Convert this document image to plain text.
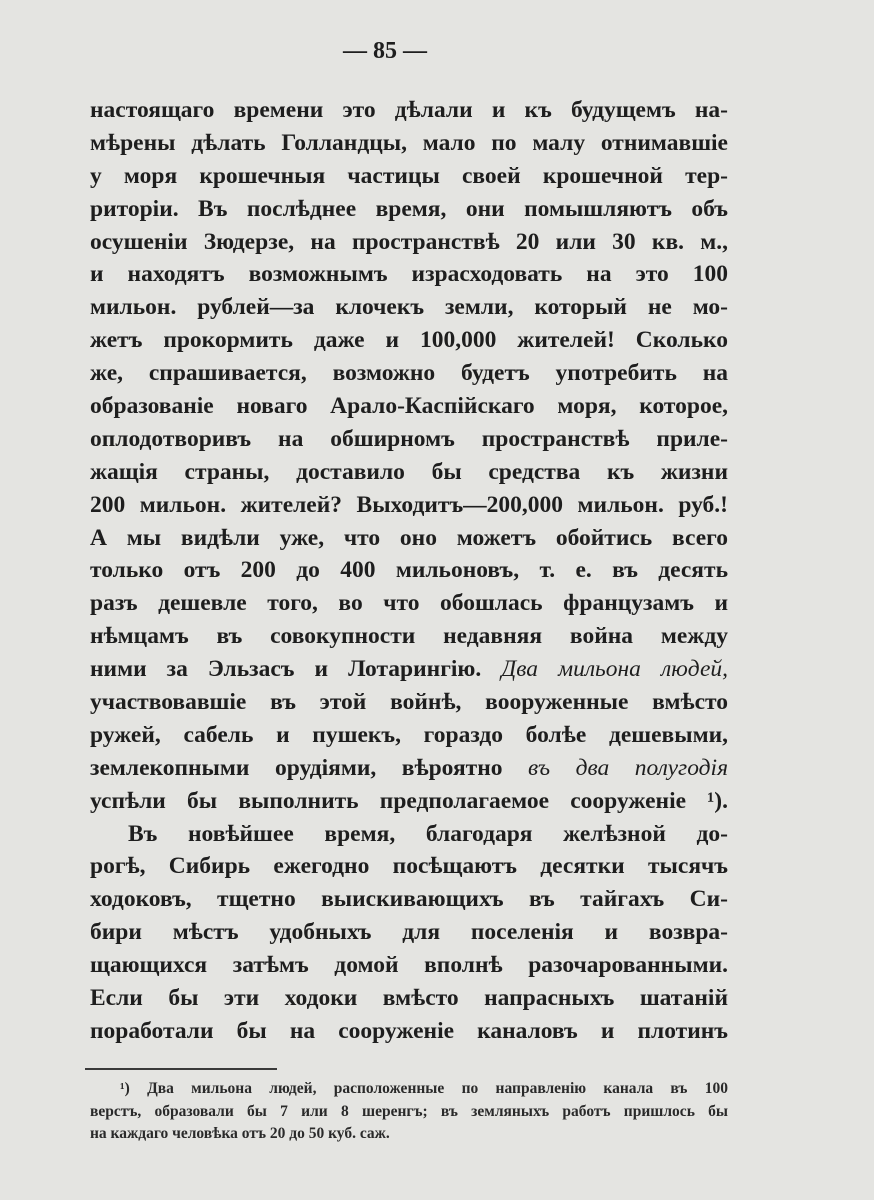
— 85 —
настоящаго времени это дѣлали и къ будущемъ на-
мѣрены дѣлать Голландцы, мало по малу отнимавшіе
у моря крошечныя частицы своей крошечной тер-
риторіи. Въ послѣднее время, они помышляютъ объ
осушеніи Зюдерзе, на пространствѣ 20 или 30 кв. м.,
и находятъ возможнымъ израсходовать на это 100
мильон. рублей—за клочекъ земли, который не мо-
жетъ прокормить даже и 100,000 жителей! Сколько
же, спрашивается, возможно будетъ употребить на
образованіе новаго Арало-Каспійскаго моря, которое,
оплодотворивъ на обширномъ пространствѣ приле-
жащія страны, доставило бы средства къ жизни
200 мильон. жителей? Выходитъ—200,000 мильон. руб.!
А мы видѣли уже, что оно можетъ обойтись всего
только отъ 200 до 400 мильоновъ, т. е. въ десять
разъ дешевле того, во что обошлась французамъ и
нѣмцамъ въ совокупности недавняя война между
ними за Эльзасъ и Лотарингію. Два мильона людей,
участвовавшіе въ этой войнѣ, вооруженные вмѣсто
ружей, сабель и пушекъ, гораздо болѣе дешевыми,
землекопными орудіями, вѣроятно въ два полугодія
успѣли бы выполнить предполагаемое сооруженіе ¹).
Въ новѣйшее время, благодаря желѣзной до-
рогѣ, Сибирь ежегодно посѣщаютъ десятки тысячъ
ходоковъ, тщетно выискивающихъ въ тайгахъ Си-
бири мѣстъ удобныхъ для поселенія и возвра-
щающихся затѣмъ домой вполнѣ разочарованными.
Если бы эти ходоки вмѣсто напрасныхъ шатаній
поработали бы на сооруженіе каналовъ и плотинъ
¹) Два мильона людей, расположенные по направленію канала въ 100
верстъ, образовали бы 7 или 8 шеренгъ; въ земляныхъ работъ пришлось бы
на каждаго человѣка отъ 20 до 50 куб. саж.
